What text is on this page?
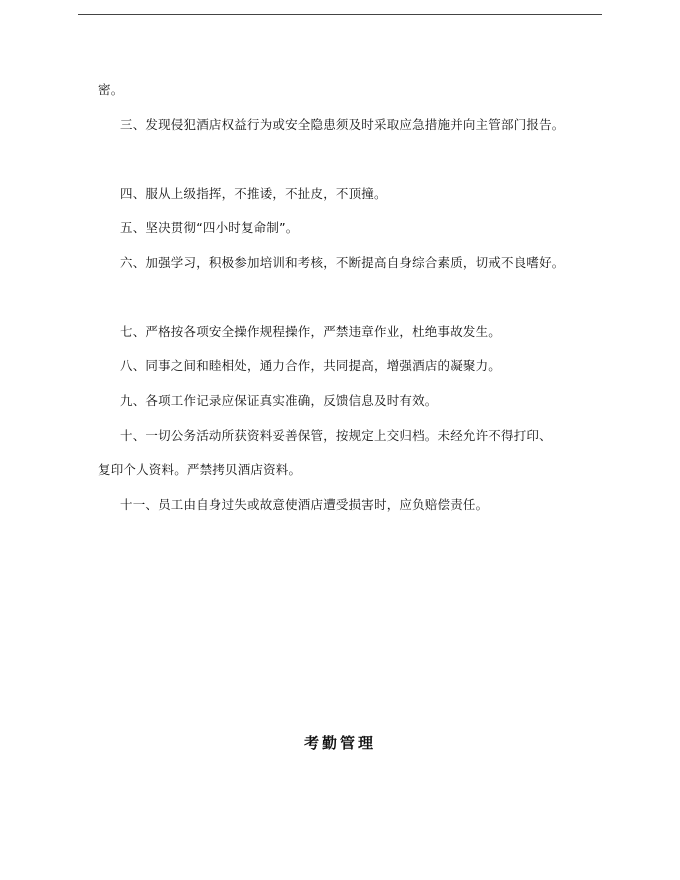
密。
三、发现侵犯酒店权益行为或安全隐患须及时采取应急措施并向主管部门报告。
四、服从上级指挥，不推诿，不扯皮，不顶撞。
五、坚决贯彻“四小时复命制”。
六、加强学习，积极参加培训和考核，不断提高自身综合素质，切戒不良嗜好。
七、严格按各项安全操作规程操作，严禁违章作业，杜绝事故发生。
八、同事之间和睦相处，通力合作，共同提高，增强酒店的凝聚力。
九、各项工作记录应保证真实准确，反馈信息及时有效。
十、一切公务活动所获资料妥善保管，按规定上交归档。未经允许不得打印、
复印个人资料。严禁拷贝酒店资料。
十一、员工由自身过失或故意使酒店遭受损害时，应负赔偿责任。
考勤管理
